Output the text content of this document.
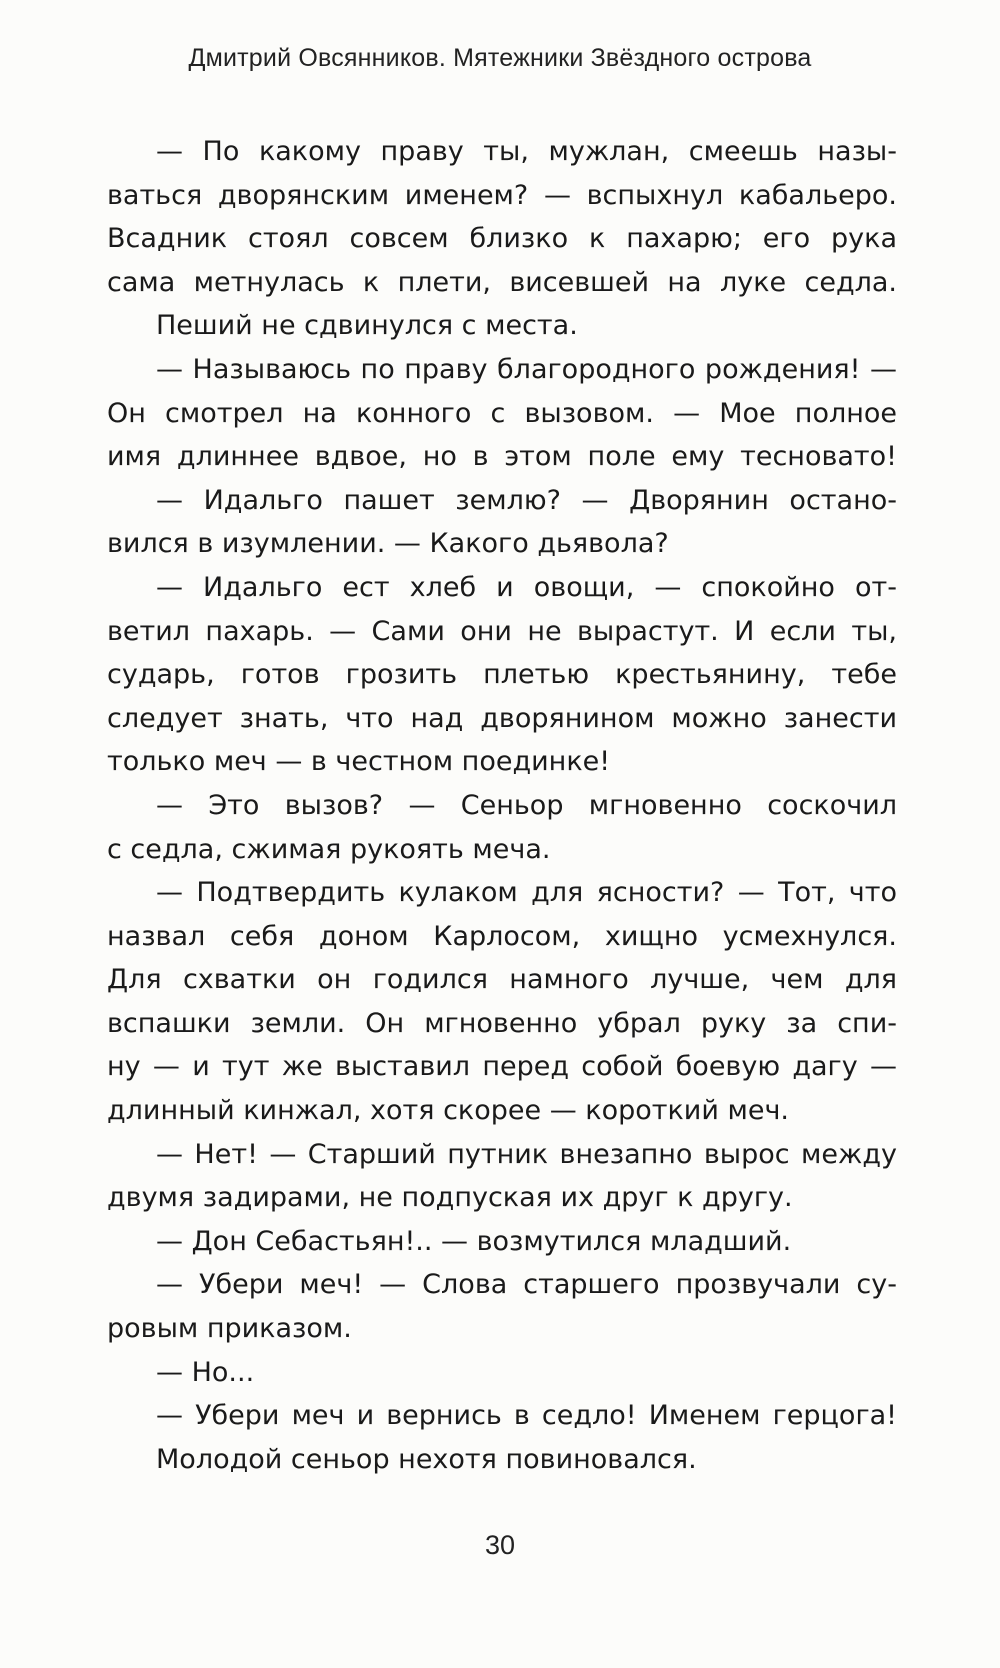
Дмитрий Овсянников. Мятежники Звёздного острова
— По какому праву ты, мужлан, смеешь назы-
ваться дворянским именем? — вспыхнул кабальеро.
Всадник стоял совсем близко к пахарю; его рука
сама метнулась к плети, висевшей на луке седла.
Пеший не сдвинулся с места.
— Называюсь по праву благородного рождения! —
Он смотрел на конного с вызовом. — Мое полное
имя длиннее вдвое, но в этом поле ему тесновато!
— Идальго пашет землю? — Дворянин остано-
вился в изумлении. — Какого дьявола?
— Идальго ест хлеб и овощи, — спокойно от-
ветил пахарь. — Сами они не вырастут. И если ты,
сударь, готов грозить плетью крестьянину, тебе
следует знать, что над дворянином можно занести
только меч — в честном поединке!
— Это вызов? — Сеньор мгновенно соскочил
с седла, сжимая рукоять меча.
— Подтвердить кулаком для ясности? — Тот, что
назвал себя доном Карлосом, хищно усмехнулся.
Для схватки он годился намного лучше, чем для
вспашки земли. Он мгновенно убрал руку за спи-
ну — и тут же выставил перед собой боевую дагу —
длинный кинжал, хотя скорее — короткий меч.
— Нет! — Старший путник внезапно вырос между
двумя задирами, не подпуская их друг к другу.
— Дон Себастьян!.. — возмутился младший.
— Убери меч! — Слова старшего прозвучали су-
ровым приказом.
— Но...
— Убери меч и вернись в седло! Именем герцога!
Молодой сеньор нехотя повиновался.
30
